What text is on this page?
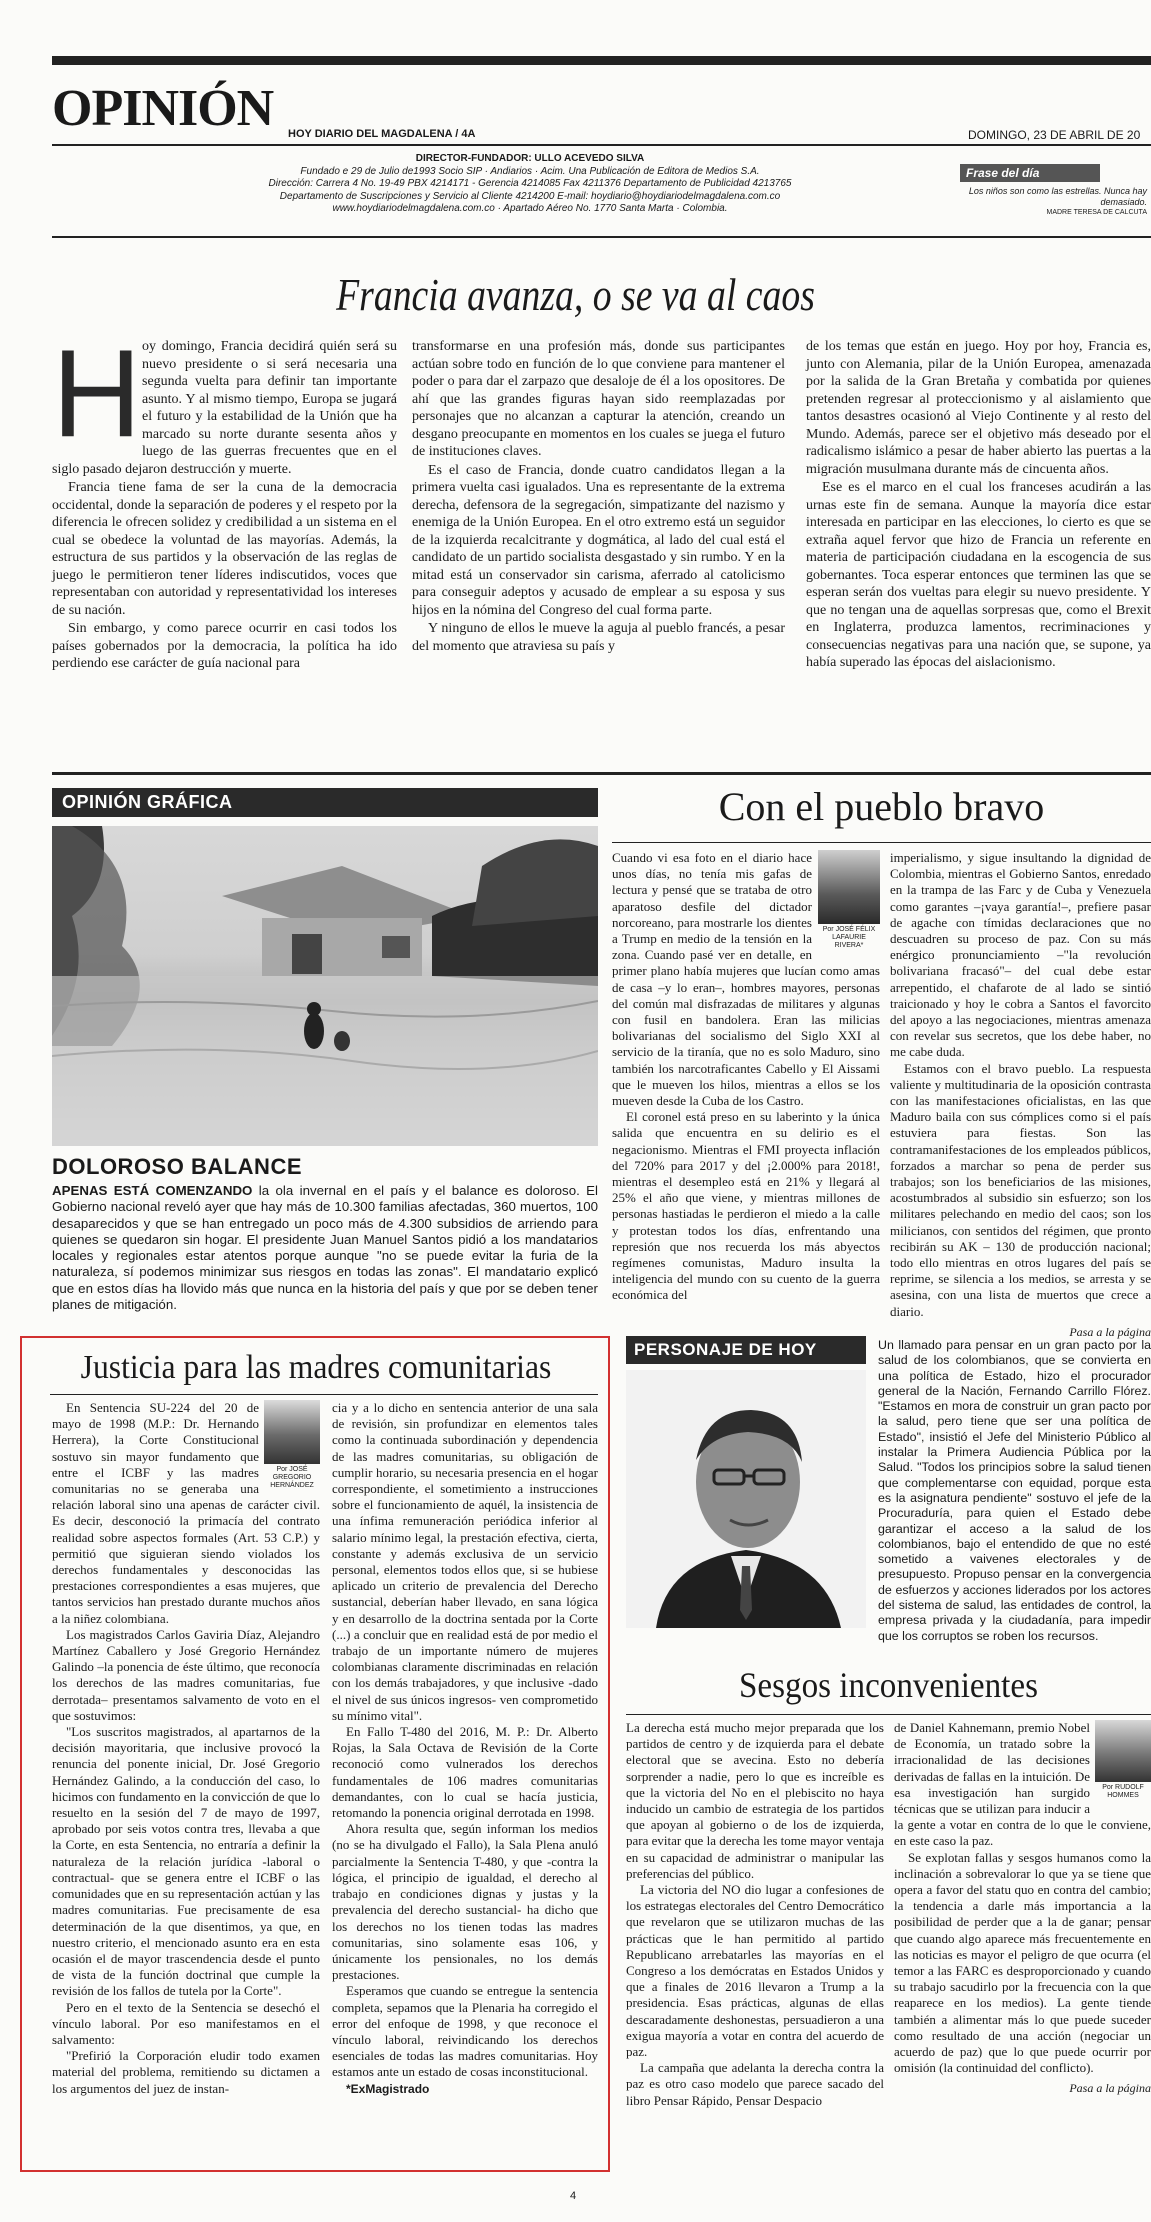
OPINIÓN HOY DIARIO DEL MAGDALENA / 4A	DOMINGO, 23 DE ABRIL DE 20
DIRECTOR-FUNDADOR: ULLO ACEVEDO SILVA
Fundado e 29 de Julio de1993 Socio SIP · Andiarios · Acim. Una Publicación de Editora de Medios S.A.
Dirección: Carrera 4 No. 19-49 PBX 4214171 - Gerencia 4214085 Fax 4211376 Departamento de Publicidad 4213765
Departamento de Suscripciones y Servicio al Cliente 4214200 E-mail: hoydiario@hoydiariodelmagdalena.com.co
www.hoydiariodelmagdalena.com.co · Apartado Aéreo No. 1770 Santa Marta · Colombia.
Frase del día
Los niños son como las estrellas. Nunca hay demasiado.
MADRE TERESA DE CALCUTA
Francia avanza, o se va al caos
H oy domingo, Francia decidirá quién será su nuevo presidente o si será necesaria una segunda vuelta para definir tan importante asunto. Y al mismo tiempo, Europa se jugará el futuro y la estabilidad de la Unión que ha marcado su norte durante sesenta años y luego de las guerras frecuentes que en el siglo pasado dejaron destrucción y muerte.

Francia tiene fama de ser la cuna de la democracia occidental, donde la separación de poderes y el respeto por la diferencia le ofrecen solidez y credibilidad a un sistema en el cual se obedece la voluntad de las mayorías. Además, la estructura de sus partidos y la observación de las reglas de juego le permitieron tener líderes indiscutidos, voces que representaban con autoridad y representatividad los intereses de su nación.

Sin embargo, y como parece ocurrir en casi todos los países gobernados por la democracia, la política ha ido perdiendo ese carácter de guía nacional para

transformarse en una profesión más, donde sus participantes actúan sobre todo en función de lo que conviene para mantener el poder o para dar el zarpazo que desaloje de él a los opositores. De ahí que las grandes figuras hayan sido reemplazadas por personajes que no alcanzan a capturar la atención, creando un desgano preocupante en momentos en los cuales se juega el futuro de instituciones claves.

Es el caso de Francia, donde cuatro candidatos llegan a la primera vuelta casi igualados. Una es representante de la extrema derecha, defensora de la segregación, simpatizante del nazismo y enemiga de la Unión Europea. En el otro extremo está un seguidor de la izquierda recalcitrante y dogmática, al lado del cual está el candidato de un partido socialista desgastado y sin rumbo. Y en la mitad está un conservador sin carisma, aferrado al catolicismo para conseguir adeptos y acusado de emplear a su esposa y sus hijos en la nómina del Congreso del cual forma parte.

Y ninguno de ellos le mueve la aguja al pueblo francés, a pesar del momento que atraviesa su país y

de los temas que están en juego. Hoy por hoy, Francia es, junto con Alemania, pilar de la Unión Europea, amenazada por la salida de la Gran Bretaña y combatida por quienes pretenden regresar al proteccionismo y al aislamiento que tantos desastres ocasionó al Viejo Continente y al resto del Mundo. Además, parece ser el objetivo más deseado por el radicalismo islámico a pesar de haber abierto las puertas a la migración musulmana durante más de cincuenta años.

Ese es el marco en el cual los franceses acudirán a las urnas este fin de semana. Aunque la mayoría dice estar interesada en participar en las elecciones, lo cierto es que se extraña aquel fervor que hizo de Francia un referente en materia de participación ciudadana en la escogencia de sus gobernantes. Toca esperar entonces que terminen las que se esperan serán dos vueltas para elegir su nuevo presidente. Y que no tengan una de aquellas sorpresas que, como el Brexit en Inglaterra, produzca lamentos, recriminaciones y consecuencias negativas para una nación que, se supone, ya había superado las épocas del aislacionismo.

OPINIÓN GRÁFICA
DOLOROSO BALANCE
APENAS ESTÁ COMENZANDO la ola invernal en el país y el balance es doloroso. El Gobierno nacional reveló ayer que hay más de 10.300 familias afectadas, 360 muertos, 100 desaparecidos y que se han entregado un poco más de 4.300 subsidios de arriendo para quienes se quedaron sin hogar. El presidente Juan Manuel Santos pidió a los mandatarios locales y regionales estar atentos porque aunque "no se puede evitar la furia de la naturaleza, sí podemos minimizar sus riesgos en todas las zonas". El mandatario explicó que en estos días ha llovido más que nunca en la historia del país y que por se deben tener planes de mitigación.
Con el pueblo bravo
Por JOSÉ FÉLIX LAFAURIE RIVERA*

Cuando vi esa foto en el diario hace unos días, no tenía mis gafas de lectura y pensé que se trataba de otro aparatoso desfile del dictador norcoreano, para mostrarle los dientes a Trump en medio de la tensión en la zona. Cuando pasé ver en detalle, en primer plano había mujeres que lucían como amas de casa –y lo eran–, hombres mayores, personas del común mal disfrazadas de militares y algunas con fusil en bandolera. Eran las milicias bolivarianas del socialismo del Siglo XXI al servicio de la tiranía, que no es solo Maduro, sino también los narcotraficantes Cabello y El Aissami que le mueven los hilos, mientras a ellos se los mueven desde la Cuba de los Castro.

El coronel está preso en su laberinto y la única salida que encuentra en su delirio es el negacionismo. Mientras el FMI proyecta inflación del 720% para 2017 y del ¡2.000% para 2018!, mientras el desempleo está en 21% y llegará al 25% el año que viene, y mientras millones de personas hastiadas le perdieron el miedo a la calle y protestan todos los días, enfrentando una represión que nos recuerda los más abyectos regímenes comunistas, Maduro insulta la inteligencia del mundo con su cuento de la guerra económica del

imperialismo, y sigue insultando la dignidad de Colombia, mientras el Gobierno Santos, enredado en la trampa de las Farc y de Cuba y Venezuela como garantes –¡vaya garantía!–, prefiere pasar de agache con tímidas declaraciones que no descuadren su proceso de paz. Con su más enérgico pronunciamiento –"la revolución bolivariana fracasó"– del cual debe estar arrepentido, el chafarote de al lado se sintió traicionado y hoy le cobra a Santos el favorcito del apoyo a las negociaciones, mientras amenaza con revelar sus secretos, que los debe haber, no me cabe duda.

Estamos con el bravo pueblo. La respuesta valiente y multitudinaria de la oposición contrasta con las manifestaciones oficialistas, en las que Maduro baila con sus cómplices como si el país estuviera para fiestas. Son las contramanifestaciones de los empleados públicos, forzados a marchar so pena de perder sus trabajos; son los beneficiarios de las misiones, acostumbrados al subsidio sin esfuerzo; son los militares pelechando en medio del caos; son los milicianos, con sentidos del régimen, que pronto recibirán su AK – 130 de producción nacional; todo ello mientras en otros lugares del país se reprime, se silencia a los medios, se arresta y se asesina, con una lista de muertos que crece a diario.

Pasa a la página

Justicia para las madres comunitarias
Por JOSÉ GREGORIO HERNÁNDEZ

En Sentencia SU-224 del 20 de mayo de 1998 (M.P.: Dr. Hernando Herrera), la Corte Constitucional sostuvo sin mayor fundamento que entre el ICBF y las madres comunitarias no se generaba una relación laboral sino una apenas de carácter civil. Es decir, desconoció la primacía del contrato realidad sobre aspectos formales (Art. 53 C.P.) y permitió que siguieran siendo violados los derechos fundamentales y desconocidas las prestaciones correspondientes a esas mujeres, que tantos servicios han prestado durante muchos años a la niñez colombiana.

Los magistrados Carlos Gaviria Díaz, Alejandro Martínez Caballero y José Gregorio Hernández Galindo –la ponencia de éste último, que reconocía los derechos de las madres comunitarias, fue derrotada– presentamos salvamento de voto en el que sostuvimos:

"Los suscritos magistrados, al apartarnos de la decisión mayoritaria, que inclusive provocó la renuncia del ponente inicial, Dr. José Gregorio Hernández Galindo, a la conducción del caso, lo hicimos con fundamento en la convicción de que lo resuelto en la sesión del 7 de mayo de 1997, aprobado por seis votos contra tres, llevaba a que la Corte, en esta Sentencia, no entraría a definir la naturaleza de la relación jurídica -laboral o contractual- que se genera entre el ICBF o las comunidades que en su representación actúan y las madres comunitarias. Fue precisamente de esa determinación de la que disentimos, ya que, en nuestro criterio, el mencionado asunto era en esta ocasión el de mayor trascendencia desde el punto de vista de la función doctrinal que cumple la revisión de los fallos de tutela por la Corte".

Pero en el texto de la Sentencia se desechó el vínculo laboral. Por eso manifestamos en el salvamento:

"Prefirió la Corporación eludir todo examen material del problema, remitiendo su dictamen a los argumentos del juez de instan-

cia y a lo dicho en sentencia anterior de una sala de revisión, sin profundizar en elementos tales como la continuada subordinación y dependencia de las madres comunitarias, su obligación de cumplir horario, su necesaria presencia en el hogar correspondiente, el sometimiento a instrucciones sobre el funcionamiento de aquél, la insistencia de una ínfima remuneración periódica inferior al salario mínimo legal, la prestación efectiva, cierta, constante y además exclusiva de un servicio personal, elementos todos ellos que, si se hubiese aplicado un criterio de prevalencia del Derecho sustancial, deberían haber llevado, en sana lógica y en desarrollo de la doctrina sentada por la Corte (...) a concluir que en realidad está de por medio el trabajo de un importante número de mujeres colombianas claramente discriminadas en relación con los demás trabajadores, y que inclusive -dado el nivel de sus únicos ingresos- ven comprometido su mínimo vital".

En Fallo T-480 del 2016, M. P.: Dr. Alberto Rojas, la Sala Octava de Revisión de la Corte reconoció como vulnerados los derechos fundamentales de 106 madres comunitarias demandantes, con lo cual se hacía justicia, retomando la ponencia original derrotada en 1998.

Ahora resulta que, según informan los medios (no se ha divulgado el Fallo), la Sala Plena anuló parcialmente la Sentencia T-480, y que -contra la lógica, el principio de igualdad, el derecho al trabajo en condiciones dignas y justas y la prevalencia del derecho sustancial- ha dicho que los derechos no los tienen todas las madres comunitarias, sino solamente esas 106, y únicamente los pensionales, no los demás prestaciones.

Esperamos que cuando se entregue la sentencia completa, sepamos que la Plenaria ha corregido el error del enfoque de 1998, y que reconoce el vínculo laboral, reivindicando los derechos esenciales de todas las madres comunitarias. Hoy estamos ante un estado de cosas inconstitucional.

*ExMagistrado

PERSONAJE DE HOY	Un llamado para pensar en un gran pacto por la salud de los colombianos, que se convierta en una política de Estado, hizo el procurador general de la Nación, Fernando Carrillo Flórez. "Estamos en mora de construir un gran pacto por la salud, pero tiene que ser una política de Estado", insistió el Jefe del Ministerio Público al instalar la Primera Audiencia Pública por la Salud. "Todos los principios sobre la salud tienen que complementarse con equidad, porque esta es la asignatura pendiente" sostuvo el jefe de la Procuraduría, para quien el Estado debe garantizar el acceso a la salud de los colombianos, bajo el entendido de que no esté sometido a vaivenes electorales y de presupuesto. Propuso pensar en la convergencia de esfuerzos y acciones liderados por los actores del sistema de salud, las entidades de control, la empresa privada y la ciudadanía, para impedir que los corruptos se roben los recursos.
Sesgos inconvenientes

La derecha está mucho mejor preparada que los partidos de centro y de izquierda para el debate electoral que se avecina. Esto no debería sorprender a nadie, pero lo que es increíble es que la victoria del No en el plebiscito no haya inducido un cambio de estrategia de los partidos que apoyan al gobierno o de los de izquierda, para evitar que la derecha les tome mayor ventaja en su capacidad de administrar o manipular las preferencias del público.

La victoria del NO dio lugar a confesiones de los estrategas electorales del Centro Democrático que revelaron que se utilizaron muchas de las prácticas que le han permitido al partido Republicano arrebatarles las mayorías en el Congreso a los demócratas en Estados Unidos y que a finales de 2016 llevaron a Trump a la presidencia. Esas prácticas, algunas de ellas descaradamente deshonestas, persuadieron a una exigua mayoría a votar en contra del acuerdo de paz.

La campaña que adelanta la derecha contra la paz es otro caso modelo que parece sacado del libro Pensar Rápido, Pensar Despacio

Por RUDOLF HOMMES

de Daniel Kahnemann, premio Nobel de Economía, un tratado sobre la irracionalidad de las decisiones derivadas de fallas en la intuición. De esa investigación han surgido técnicas que se utilizan para inducir a la gente a votar en contra de lo que le conviene, en este caso la paz.

Se explotan fallas y sesgos humanos como la inclinación a sobrevalorar lo que ya se tiene que opera a favor del statu quo en contra del cambio; la tendencia a darle más importancia a la posibilidad de perder que a la de ganar; pensar que cuando algo aparece más frecuentemente en las noticias es mayor el peligro de que ocurra (el temor a las FARC es desproporcionado y cuando su trabajo sacudirlo por la frecuencia con la que reaparece en los medios). La gente tiende también a alimentar más lo que puede suceder como resultado de una acción (negociar un acuerdo de paz) que lo que puede ocurrir por omisión (la continuidad del conflicto).

Pasa a la página

4
